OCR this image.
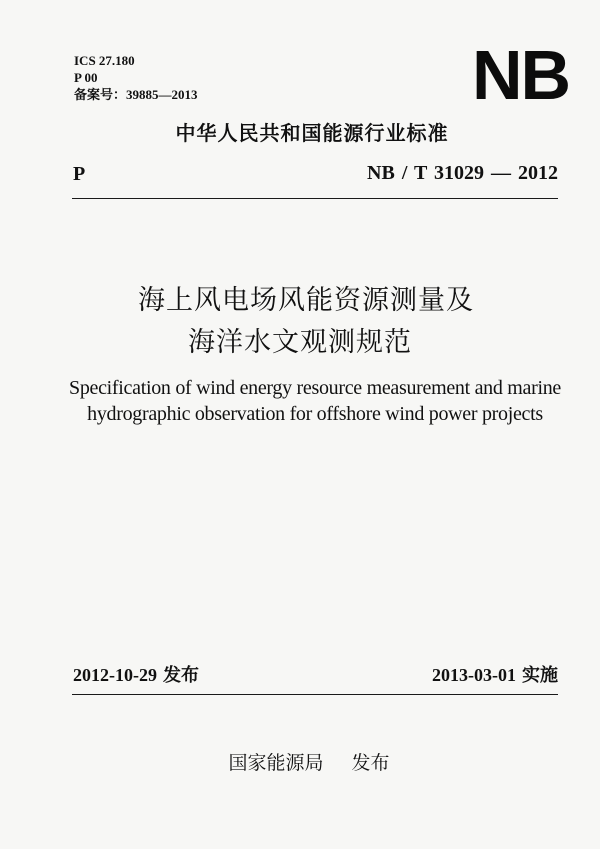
ICS 27.180
P 00
备案号：39885—2013	NB
中华人民共和国能源行业标准
P	NB / T 31029 — 2012
海上风电场风能资源测量及
海洋水文观测规范
Specification of wind energy resource measurement and marine
hydrographic observation for offshore wind power projects
2012-10-29 发布	2013-03-01 实施
国家能源局 发布
